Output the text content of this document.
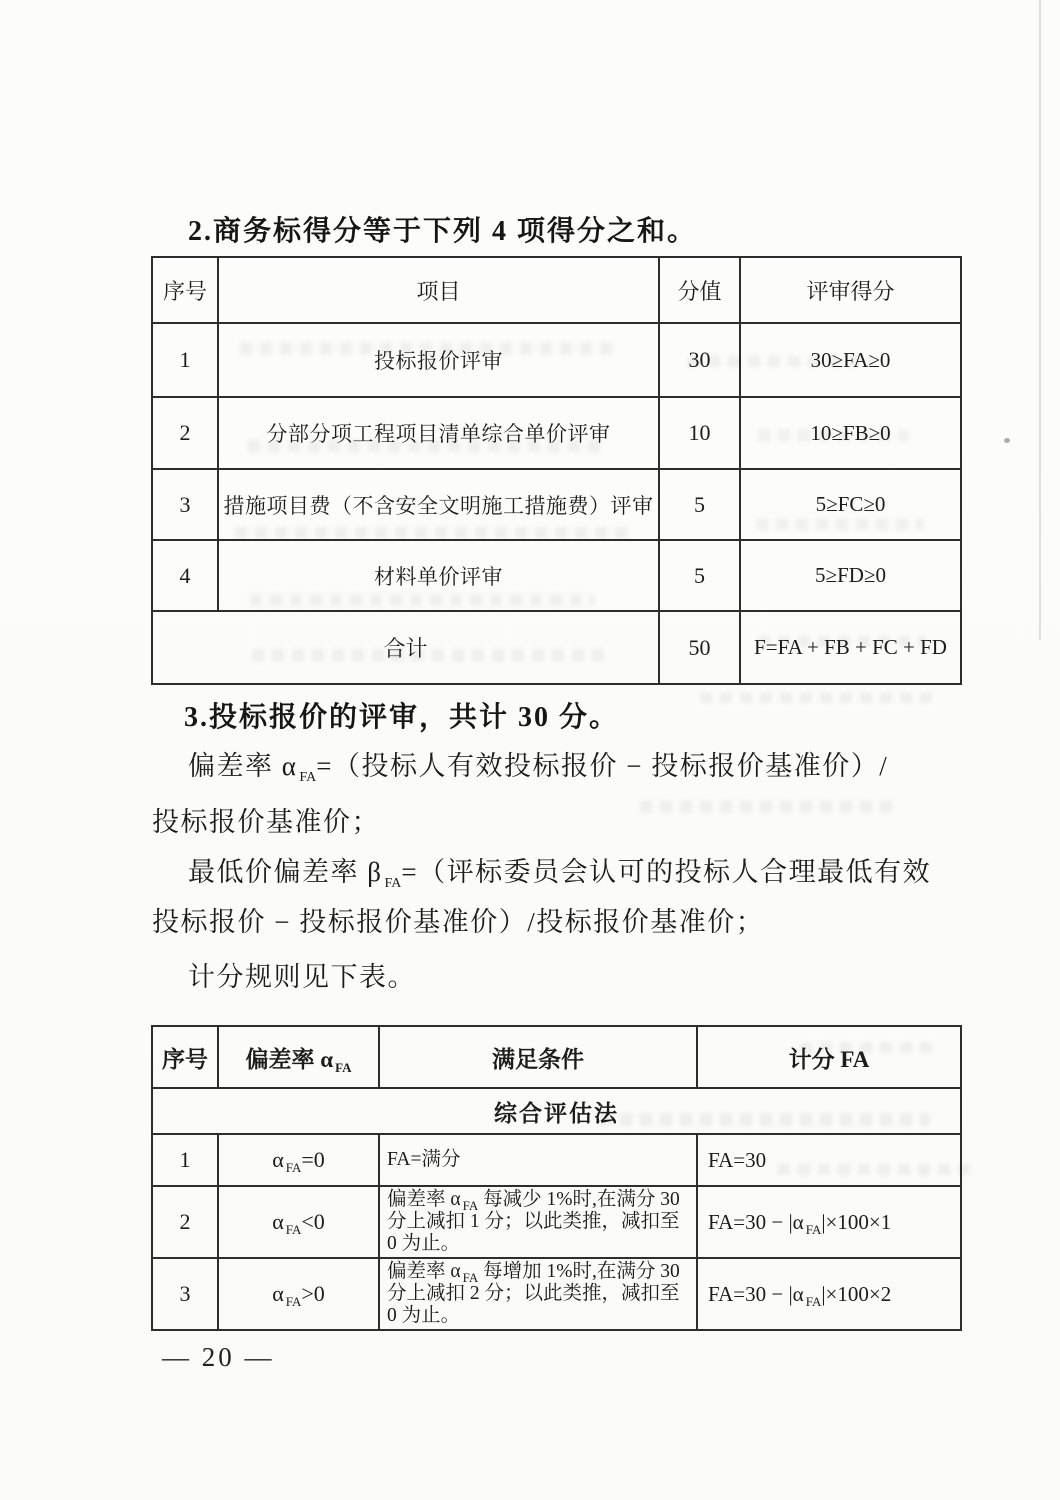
2.商务标得分等于下列 4 项得分之和。
序号	项目	分值	评审得分
1	投标报价评审	30	30≥FA≥0
2	分部分项工程项目清单综合单价评审	10	10≥FB≥0
3	措施项目费（不含安全文明施工措施费）评审	5	5≥FC≥0
4	材料单价评审	5	5≥FD≥0
合计		50	F=FA + FB + FC + FD
3.投标报价的评审，共计 30 分。
偏差率 α $_{FA}$=（投标人有效投标报价 − 投标报价基准价）/
投标报价基准价；
最低价偏差率 β $_{FA}$=（评标委员会认可的投标人合理最低有效
投标报价 − 投标报价基准价）/投标报价基准价；
计分规则见下表。
序号	偏差率 α $_{FA}$	满足条件	计分 FA
综合评估法			
1	α $_{FA}$=0	FA=满分	FA=30
2	α $_{FA}$<0	偏差率 α $_{FA}$ 每减少 1%时,在满分 30 分上减扣 1 分；以此类推，减扣至 0 为止。	FA=30 − |α $_{FA}$|×100×1
3	α $_{FA}$>0	偏差率 α $_{FA}$ 每增加 1%时,在满分 30 分上减扣 2 分；以此类推，减扣至 0 为止。	FA=30 − |α $_{FA}$|×100×2
— 20 —
